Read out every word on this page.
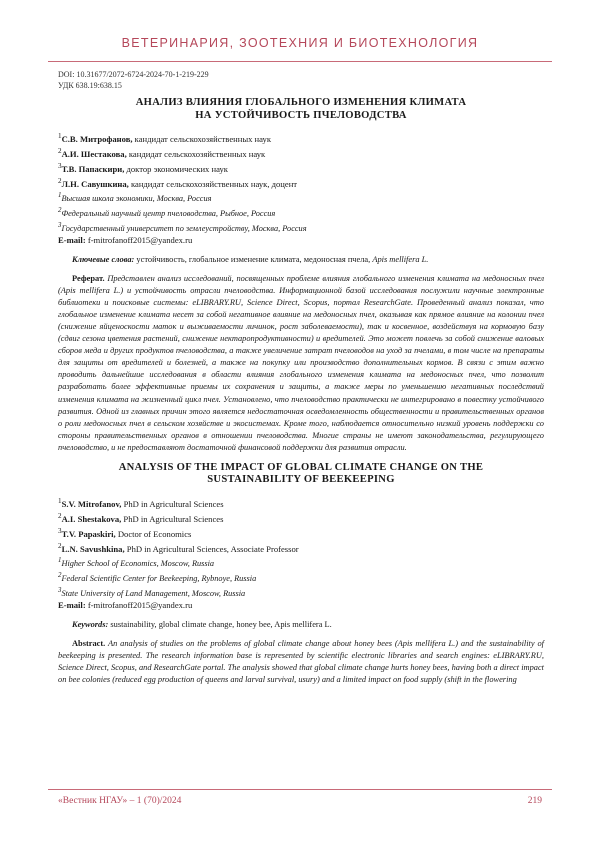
ВЕТЕРИНАРИЯ, ЗООТЕХНИЯ И БИОТЕХНОЛОГИЯ
DOI: 10.31677/2072-6724-2024-70-1-219-229
УДК 638.19:638.15
АНАЛИЗ ВЛИЯНИЯ ГЛОБАЛЬНОГО ИЗМЕНЕНИЯ КЛИМАТА
НА УСТОЙЧИВОСТЬ ПЧЕЛОВОДСТВА
$^1$С.В. Митрофанов, кандидат сельскохозяйственных наук
$^2$А.И. Шестакова, кандидат сельскохозяйственных наук
$^3$Т.В. Папаскири, доктор экономических наук
$^2$Л.Н. Савушкина, кандидат сельскохозяйственных наук, доцент
$^1$Высшая школа экономики, Москва, Россия
$^2$Федеральный научный центр пчеловодства, Рыбное, Россия
$^3$Государственный университет по землеустройству, Москва, Россия
E-mail: f-mitrofanoff2015@yandex.ru
Ключевые слова: устойчивость, глобальное изменение климата, медоносная пчела, Apis mellifera L.
Реферат. Представлен анализ исследований, посвященных проблеме влияния глобального изменения климата на медоносных пчел (Apis mellifera L.) и устойчивость отрасли пчеловодства. Информационной базой исследования послужили научные электронные библиотеки и поисковые системы: eLIBRARY.RU, Science Direct, Scopus, портал ResearchGate. Проведенный анализ показал, что глобальное изменение климата несет за собой негативное влияние на медоносных пчел, оказывая как прямое влияние на колонии пчел (снижение яйценоскости маток и выживаемости личинок, рост заболеваемости), так и косвенное, воздействуя на кормовую базу (сдвиг сезона цветения растений, снижение нектаропродуктивности) и вредителей. Это может повлечь за собой снижение валовых сборов меда и других продуктов пчеловодства, а также увеличение затрат пчеловодов на уход за пчелами, в том числе на препараты для защиты от вредителей и болезней, а также на покупку или производство дополнительных кормов. В связи с этим важно проводить дальнейшие исследования в области влияния глобального изменения климата на медоносных пчел, что позволит разработать более эффективные приемы их сохранения и защиты, а также меры по уменьшению негативных последствий изменения климата на жизненный цикл пчел. Установлено, что пчеловодство практически не интегрировано в повестку устойчивого развития. Одной из главных причин этого является недостаточная осведомленность общественности и правительственных органов о роли медоносных пчел в сельском хозяйстве и экосистемах. Кроме того, наблюдается относительно низкий уровень поддержки со стороны правительственных органов в отношении пчеловодства. Многие страны не имеют законодательства, регулирующего пчеловодство, и не предоставляют достаточной финансовой поддержки для развития отрасли.
ANALYSIS OF THE IMPACT OF GLOBAL CLIMATE CHANGE ON THE
SUSTAINABILITY OF BEEKEEPING
$^1$S.V. Mitrofanov, PhD in Agricultural Sciences
$^2$A.I. Shestakova, PhD in Agricultural Sciences
$^3$T.V. Papaskiri, Doctor of Economics
$^2$L.N. Savushkina, PhD in Agricultural Sciences, Associate Professor
$^1$Higher School of Economics, Moscow, Russia
$^2$Federal Scientific Center for Beekeeping, Rybnoye, Russia
$^3$State University of Land Management, Moscow, Russia
E-mail: f-mitrofanoff2015@yandex.ru
Keywords: sustainability, global climate change, honey bee, Apis mellifera L.
Abstract. An analysis of studies on the problems of global climate change about honey bees (Apis mellifera L.) and the sustainability of beekeeping is presented. The research information base is represented by scientific electronic libraries and search engines: eLIBRARY.RU, Science Direct, Scopus, and ResearchGate portal. The analysis showed that global climate change hurts honey bees, having both a direct impact on bee colonies (reduced egg production of queens and larval survival, usury) and a limited impact on food supply (shift in the flowering
«Вестник НГАУ» – 1 (70)/2024	219
